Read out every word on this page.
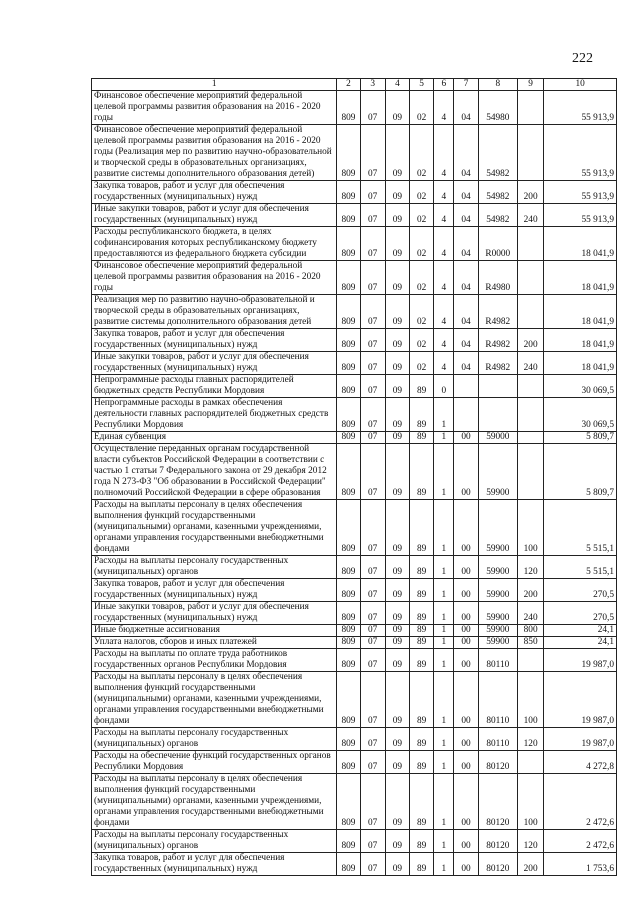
222
1	2	3	4	5	6	7	8	9	10
Финансовое обеспечение мероприятий федеральной целевой программы развития образования на 2016 - 2020 годы	809	07	09	02	4	04	54980		55 913,9
Финансовое обеспечение мероприятий федеральной целевой программы развития образования на 2016 - 2020 годы (Реализация мер по развитию научно-образовательной и творческой среды в образовательных организациях, развитие системы дополнительного образования детей)	809	07	09	02	4	04	54982		55 913,9
Закупка товаров, работ и услуг для обеспечения государственных (муниципальных) нужд	809	07	09	02	4	04	54982	200	55 913,9
Иные закупки товаров, работ и услуг для обеспечения государственных (муниципальных) нужд	809	07	09	02	4	04	54982	240	55 913,9
Расходы республиканского бюджета, в целях софинансирования которых республиканскому бюджету предоставляются из федерального бюджета субсидии	809	07	09	02	4	04	R0000		18 041,9
Финансовое обеспечение мероприятий федеральной целевой программы развития образования на 2016 - 2020 годы	809	07	09	02	4	04	R4980		18 041,9
Реализация мер по развитию научно-образовательной и творческой среды в образовательных организациях, развитие системы дополнительного образования детей	809	07	09	02	4	04	R4982		18 041,9
Закупка товаров, работ и услуг для обеспечения государственных (муниципальных) нужд	809	07	09	02	4	04	R4982	200	18 041,9
Иные закупки товаров, работ и услуг для обеспечения государственных (муниципальных) нужд	809	07	09	02	4	04	R4982	240	18 041,9
Непрограммные расходы главных распорядителей бюджетных средств Республики Мордовия	809	07	09	89	0				30 069,5
Непрограммные расходы в рамках обеспечения деятельности главных распорядителей бюджетных средств Республики Мордовия	809	07	09	89	1				30 069,5
Единая субвенция	809	07	09	89	1	00	59000		5 809,7
Осуществление переданных органам государственной власти субъектов Российской Федерации в соответствии с частью 1 статьи 7 Федерального закона от 29 декабря 2012 года N 273-ФЗ "Об образовании в Российской Федерации" полномочий Российской Федерации в сфере образования	809	07	09	89	1	00	59900		5 809,7
Расходы на выплаты персоналу в целях обеспечения выполнения функций государственными (муниципальными) органами, казенными учреждениями, органами управления государственными внебюджетными фондами	809	07	09	89	1	00	59900	100	5 515,1
Расходы на выплаты персоналу государственных (муниципальных) органов	809	07	09	89	1	00	59900	120	5 515,1
Закупка товаров, работ и услуг для обеспечения государственных (муниципальных) нужд	809	07	09	89	1	00	59900	200	270,5
Иные закупки товаров, работ и услуг для обеспечения государственных (муниципальных) нужд	809	07	09	89	1	00	59900	240	270,5
Иные бюджетные ассигнования	809	07	09	89	1	00	59900	800	24,1
Уплата налогов, сборов и иных платежей	809	07	09	89	1	00	59900	850	24,1
Расходы на выплаты по оплате труда работников государственных органов Республики Мордовия	809	07	09	89	1	00	80110		19 987,0
Расходы на выплаты персоналу в целях обеспечения выполнения функций государственными (муниципальными) органами, казенными учреждениями, органами управления государственными внебюджетными фондами	809	07	09	89	1	00	80110	100	19 987,0
Расходы на выплаты персоналу государственных (муниципальных) органов	809	07	09	89	1	00	80110	120	19 987,0
Расходы на обеспечение функций государственных органов Республики Мордовия	809	07	09	89	1	00	80120		4 272,8
Расходы на выплаты персоналу в целях обеспечения выполнения функций государственными (муниципальными) органами, казенными учреждениями, органами управления государственными внебюджетными фондами	809	07	09	89	1	00	80120	100	2 472,6
Расходы на выплаты персоналу государственных (муниципальных) органов	809	07	09	89	1	00	80120	120	2 472,6
Закупка товаров, работ и услуг для обеспечения государственных (муниципальных) нужд	809	07	09	89	1	00	80120	200	1 753,6
